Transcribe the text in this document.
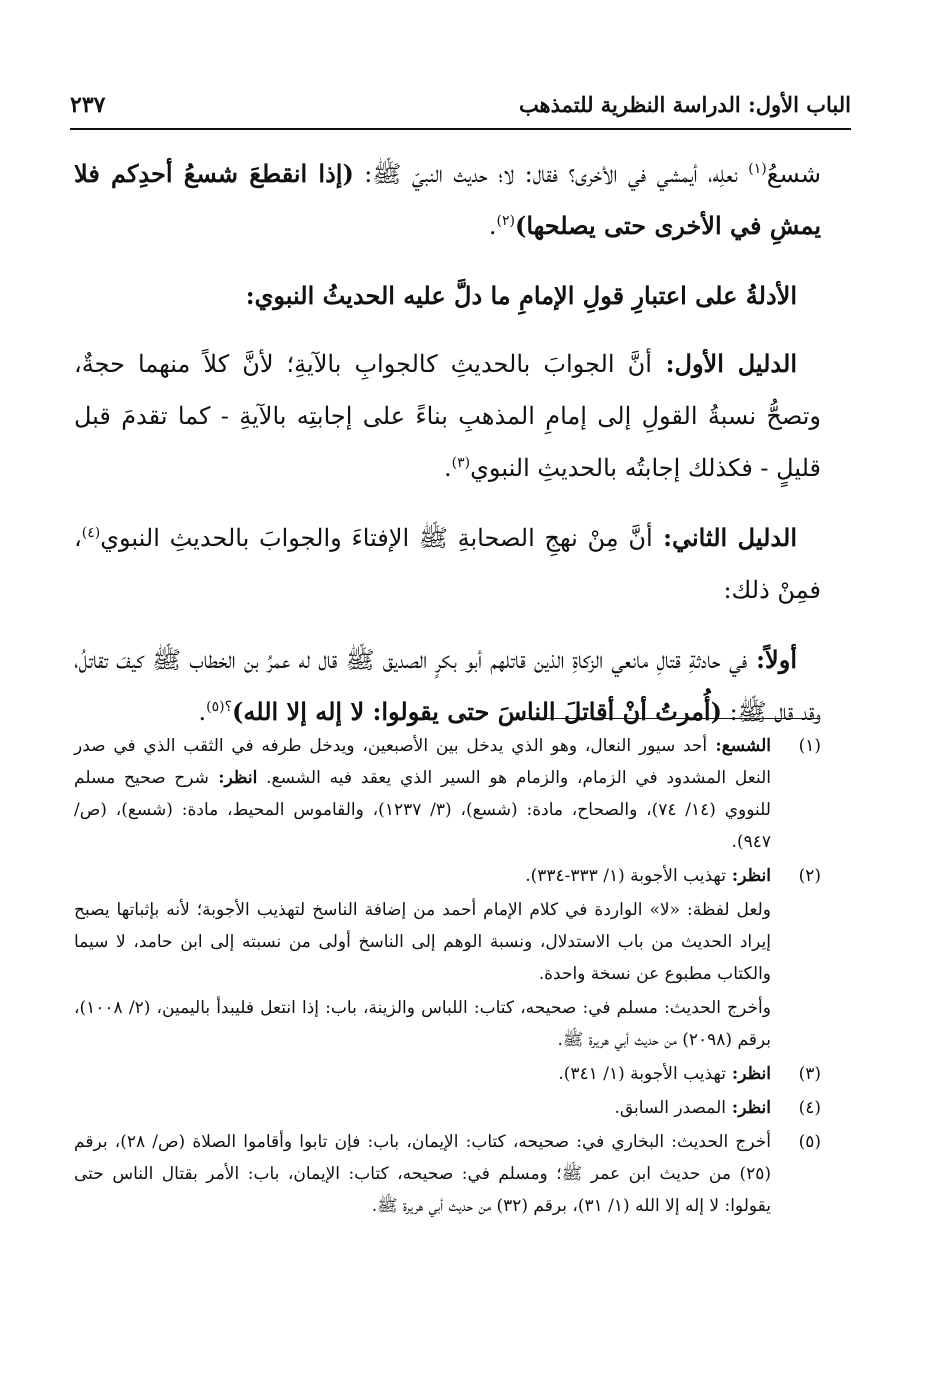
الباب الأول: الدراسة النظرية للتمذهب
٢٣٧

شسعُ$^{(١)}$ نعلِه، أيمشي في الأخرى؟ فقال: لا؛ حديث النبيّ ﷺ: (إذا انقطعَ شسعُ أحدِكم فلا يمشِ في الأخرى حتى يصلحها)$^{(٢)}$.

الأدلةُ على اعتبارِ قولِ الإمامِ ما دلَّ عليه الحديثُ النبوي:

الدليل الأول: أنَّ الجوابَ بالحديثِ كالجوابِ بالآيةِ؛ لأنَّ كلاً منهما حجةٌ، وتصحُّ نسبةُ القولِ إلى إمامِ المذهبِ بناءً على إجابتِه بالآيةِ - كما تقدمَ قبل قليلٍ - فكذلك إجابتُه بالحديثِ النبوي$^{(٣)}$.

الدليل الثاني: أنَّ مِنْ نهجِ الصحابةِ ﷺ الإفتاءَ والجوابَ بالحديثِ النبوي$^{(٤)}$، فمِنْ ذلك:

أولاً: في حادثةِ قتالِ مانعي الزكاةِ الذين قاتلهم أبو بكرٍ الصديق ﷺ قال له عمرُ بن الخطاب ﷺ كيفَ تقاتلُ، وقد قال ﷺ: (أُمرتُ أنْ أقاتلَ الناسَ حتى يقولوا: لا إله إلا الله)$^{؟(٥)}$.

(١)
الشسع: أحد سيور النعال، وهو الذي يدخل بين الأصبعين، ويدخل طرفه في الثقب الذي في صدر النعل المشدود في الزمام، والزمام هو السير الذي يعقد فيه الشسع. انظر: شرح صحيح مسلم للنووي (١٤/ ٧٤)، والصحاح، مادة: (شسع)، (٣/ ١٢٣٧)، والقاموس المحيط، مادة: (شسع)، (ص/ ٩٤٧).
(٢)
انظر: تهذيب الأجوبة (١/ ٣٣٣-٣٣٤).
ولعل لفظة: «لا» الواردة في كلام الإمام أحمد من إضافة الناسخ لتهذيب الأجوبة؛ لأنه بإثباتها يصبح إيراد الحديث من باب الاستدلال، ونسبة الوهم إلى الناسخ أولى من نسبته إلى ابن حامد، لا سيما والكتاب مطبوع عن نسخة واحدة.
وأخرج الحديث: مسلم في: صحيحه، كتاب: اللباس والزينة، باب: إذا انتعل فليبدأ باليمين، (٢/ ١٠٠٨)، برقم (٢٠٩٨) من حديث أبي هريرة ﷺ.
(٣)
انظر: تهذيب الأجوبة (١/ ٣٤١).
(٤)
انظر: المصدر السابق.
(٥)
أخرج الحديث: البخاري في: صحيحه، كتاب: الإيمان، باب: فإن تابوا وأقاموا الصلاة (ص/ ٢٨)، برقم (٢٥) من حديث ابن عمر ﷺ؛ ومسلم في: صحيحه، كتاب: الإيمان، باب: الأمر بقتال الناس حتى يقولوا: لا إله إلا الله (١/ ٣١)، برقم (٣٢) من حديث أبي هريرة ﷺ.
